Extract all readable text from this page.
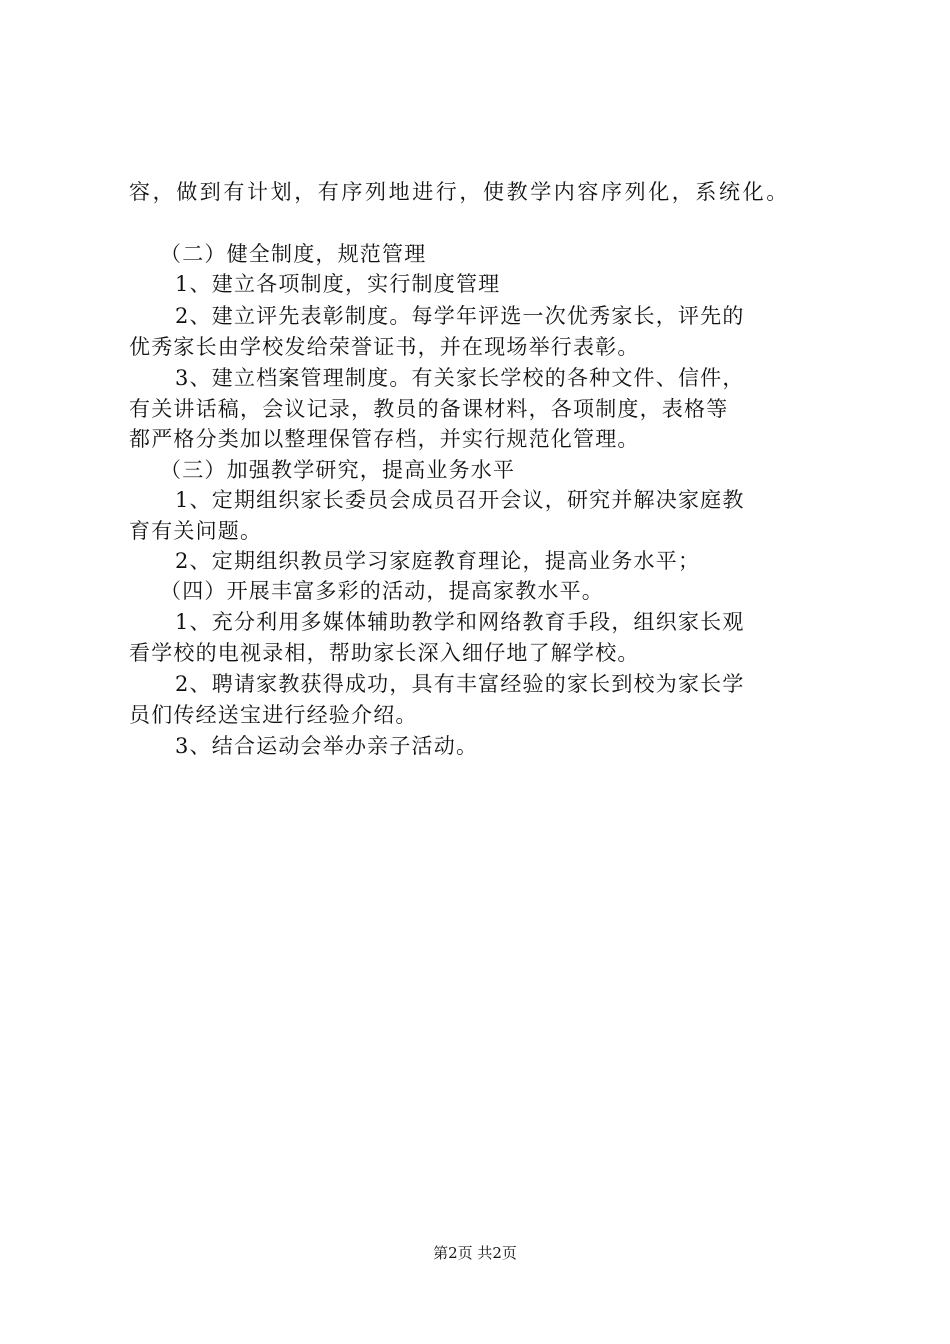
容，做到有计划，有序列地进行，使教学内容序列化，系统化。

（二）健全制度，规范管理

1、建立各项制度，实行制度管理

2、建立评先表彰制度。每学年评选一次优秀家长，评先的

优秀家长由学校发给荣誉证书，并在现场举行表彰。

3、建立档案管理制度。有关家长学校的各种文件、信件，

有关讲话稿，会议记录，教员的备课材料，各项制度，表格等

都严格分类加以整理保管存档，并实行规范化管理。

（三）加强教学研究，提高业务水平

1、定期组织家长委员会成员召开会议，研究并解决家庭教

育有关问题。

2、定期组织教员学习家庭教育理论，提高业务水平；

（四）开展丰富多彩的活动，提高家教水平。

1、充分利用多媒体辅助教学和网络教育手段，组织家长观

看学校的电视录相，帮助家长深入细仔地了解学校。

2、聘请家教获得成功，具有丰富经验的家长到校为家长学

员们传经送宝进行经验介绍。

3、结合运动会举办亲子活动。

第2页 共2页
